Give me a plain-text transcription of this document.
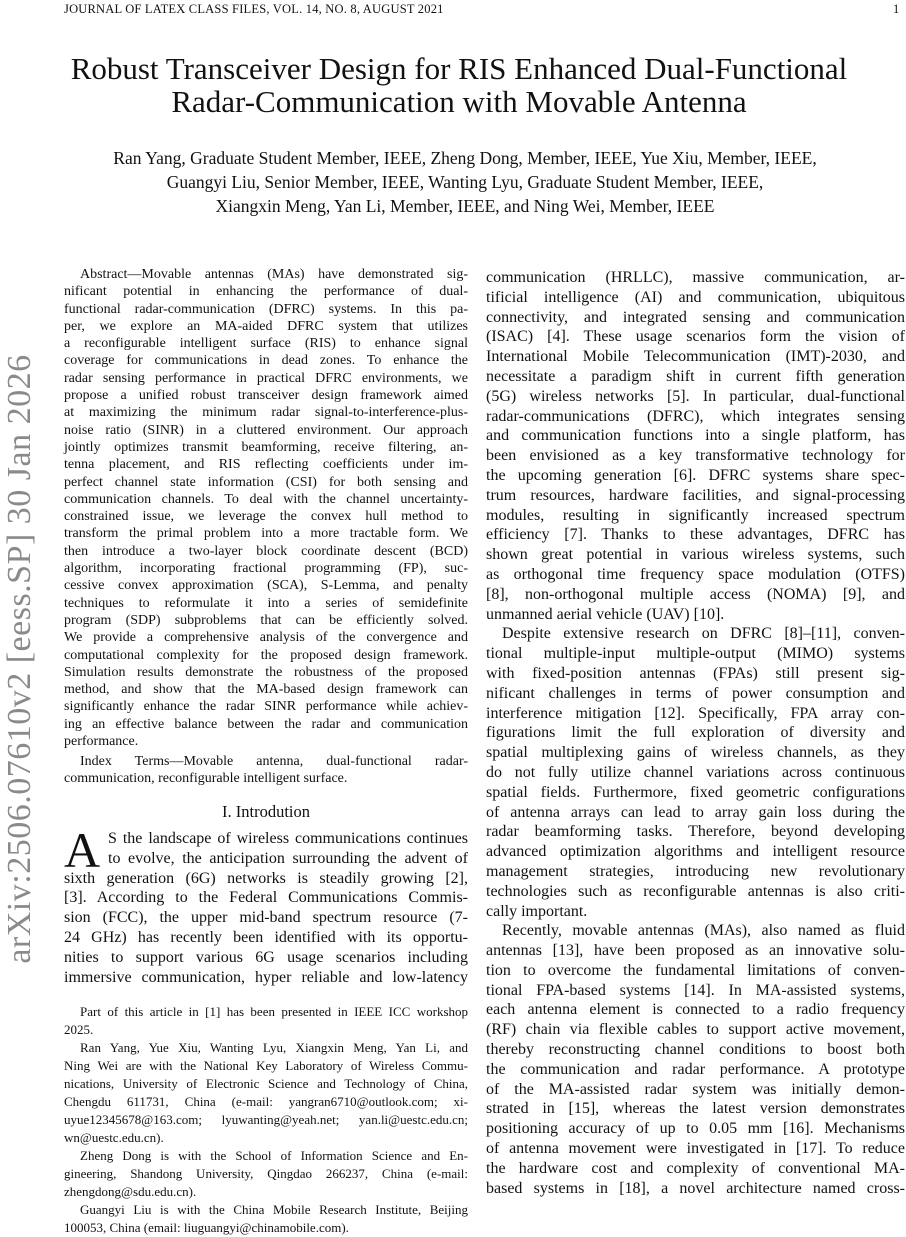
JOURNAL OF LATEX CLASS FILES, VOL. 14, NO. 8, AUGUST 2021	1
Robust Transceiver Design for RIS Enhanced Dual-Functional
Radar-Communication with Movable Antenna
Ran Yang, Graduate Student Member, IEEE, Zheng Dong, Member, IEEE, Yue Xiu, Member, IEEE,
Guangyi Liu, Senior Member, IEEE, Wanting Lyu, Graduate Student Member, IEEE,
Xiangxin Meng, Yan Li, Member, IEEE, and Ning Wei, Member, IEEE
arXiv:2506.07610v2 [eess.SP] 30 Jan 2026
Abstract—Movable antennas (MAs) have demonstrated sig-
nificant potential in enhancing the performance of dual-
functional radar-communication (DFRC) systems. In this pa-
per, we explore an MA-aided DFRC system that utilizes
a reconfigurable intelligent surface (RIS) to enhance signal
coverage for communications in dead zones. To enhance the
radar sensing performance in practical DFRC environments, we
propose a unified robust transceiver design framework aimed
at maximizing the minimum radar signal-to-interference-plus-
noise ratio (SINR) in a cluttered environment. Our approach
jointly optimizes transmit beamforming, receive filtering, an-
tenna placement, and RIS reflecting coefficients under im-
perfect channel state information (CSI) for both sensing and
communication channels. To deal with the channel uncertainty-
constrained issue, we leverage the convex hull method to
transform the primal problem into a more tractable form. We
then introduce a two-layer block coordinate descent (BCD)
algorithm, incorporating fractional programming (FP), suc-
cessive convex approximation (SCA), S-Lemma, and penalty
techniques to reformulate it into a series of semidefinite
program (SDP) subproblems that can be efficiently solved.
We provide a comprehensive analysis of the convergence and
computational complexity for the proposed design framework.
Simulation results demonstrate the robustness of the proposed
method, and show that the MA-based design framework can
significantly enhance the radar SINR performance while achiev-
ing an effective balance between the radar and communication
performance.
Index Terms—Movable antenna, dual-functional radar-
communication, reconfigurable intelligent surface.
I. Introdution
A S the landscape of wireless communications continues
to evolve, the anticipation surrounding the advent of
sixth generation (6G) networks is steadily growing [2],
[3]. According to the Federal Communications Commis-
sion (FCC), the upper mid-band spectrum resource (7-
24 GHz) has recently been identified with its opportu-
nities to support various 6G usage scenarios including
immersive communication, hyper reliable and low-latency
communication (HRLLC), massive communication, ar-
tificial intelligence (AI) and communication, ubiquitous
connectivity, and integrated sensing and communication
(ISAC) [4]. These usage scenarios form the vision of
International Mobile Telecommunication (IMT)-2030, and
necessitate a paradigm shift in current fifth generation
(5G) wireless networks [5]. In particular, dual-functional
radar-communications (DFRC), which integrates sensing
and communication functions into a single platform, has
been envisioned as a key transformative technology for
the upcoming generation [6]. DFRC systems share spec-
trum resources, hardware facilities, and signal-processing
modules, resulting in significantly increased spectrum
efficiency [7]. Thanks to these advantages, DFRC has
shown great potential in various wireless systems, such
as orthogonal time frequency space modulation (OTFS)
[8], non-orthogonal multiple access (NOMA) [9], and
unmanned aerial vehicle (UAV) [10].
Despite extensive research on DFRC [8]–[11], conven-
tional multiple-input multiple-output (MIMO) systems
with fixed-position antennas (FPAs) still present sig-
nificant challenges in terms of power consumption and
interference mitigation [12]. Specifically, FPA array con-
figurations limit the full exploration of diversity and
spatial multiplexing gains of wireless channels, as they
do not fully utilize channel variations across continuous
spatial fields. Furthermore, fixed geometric configurations
of antenna arrays can lead to array gain loss during the
radar beamforming tasks. Therefore, beyond developing
advanced optimization algorithms and intelligent resource
management strategies, introducing new revolutionary
technologies such as reconfigurable antennas is also criti-
cally important.
Recently, movable antennas (MAs), also named as fluid
antennas [13], have been proposed as an innovative solu-
tion to overcome the fundamental limitations of conven-
tional FPA-based systems [14]. In MA-assisted systems,
each antenna element is connected to a radio frequency
(RF) chain via flexible cables to support active movement,
thereby reconstructing channel conditions to boost both
the communication and radar performance. A prototype
of the MA-assisted radar system was initially demon-
strated in [15], whereas the latest version demonstrates
positioning accuracy of up to 0.05 mm [16]. Mechanisms
of antenna movement were investigated in [17]. To reduce
the hardware cost and complexity of conventional MA-
based systems in [18], a novel architecture named cross-
Part of this article in [1] has been presented in IEEE ICC workshop
2025.
Ran Yang, Yue Xiu, Wanting Lyu, Xiangxin Meng, Yan Li, and
Ning Wei are with the National Key Laboratory of Wireless Commu-
nications, University of Electronic Science and Technology of China,
Chengdu 611731, China (e-mail: yangran6710@outlook.com; xi-
uyue12345678@163.com; lyuwanting@yeah.net; yan.li@uestc.edu.cn;
wn@uestc.edu.cn).
Zheng Dong is with the School of Information Science and En-
gineering, Shandong University, Qingdao 266237, China (e-mail:
zhengdong@sdu.edu.cn).
Guangyi Liu is with the China Mobile Research Institute, Beijing
100053, China (email: liuguangyi@chinamobile.com).
